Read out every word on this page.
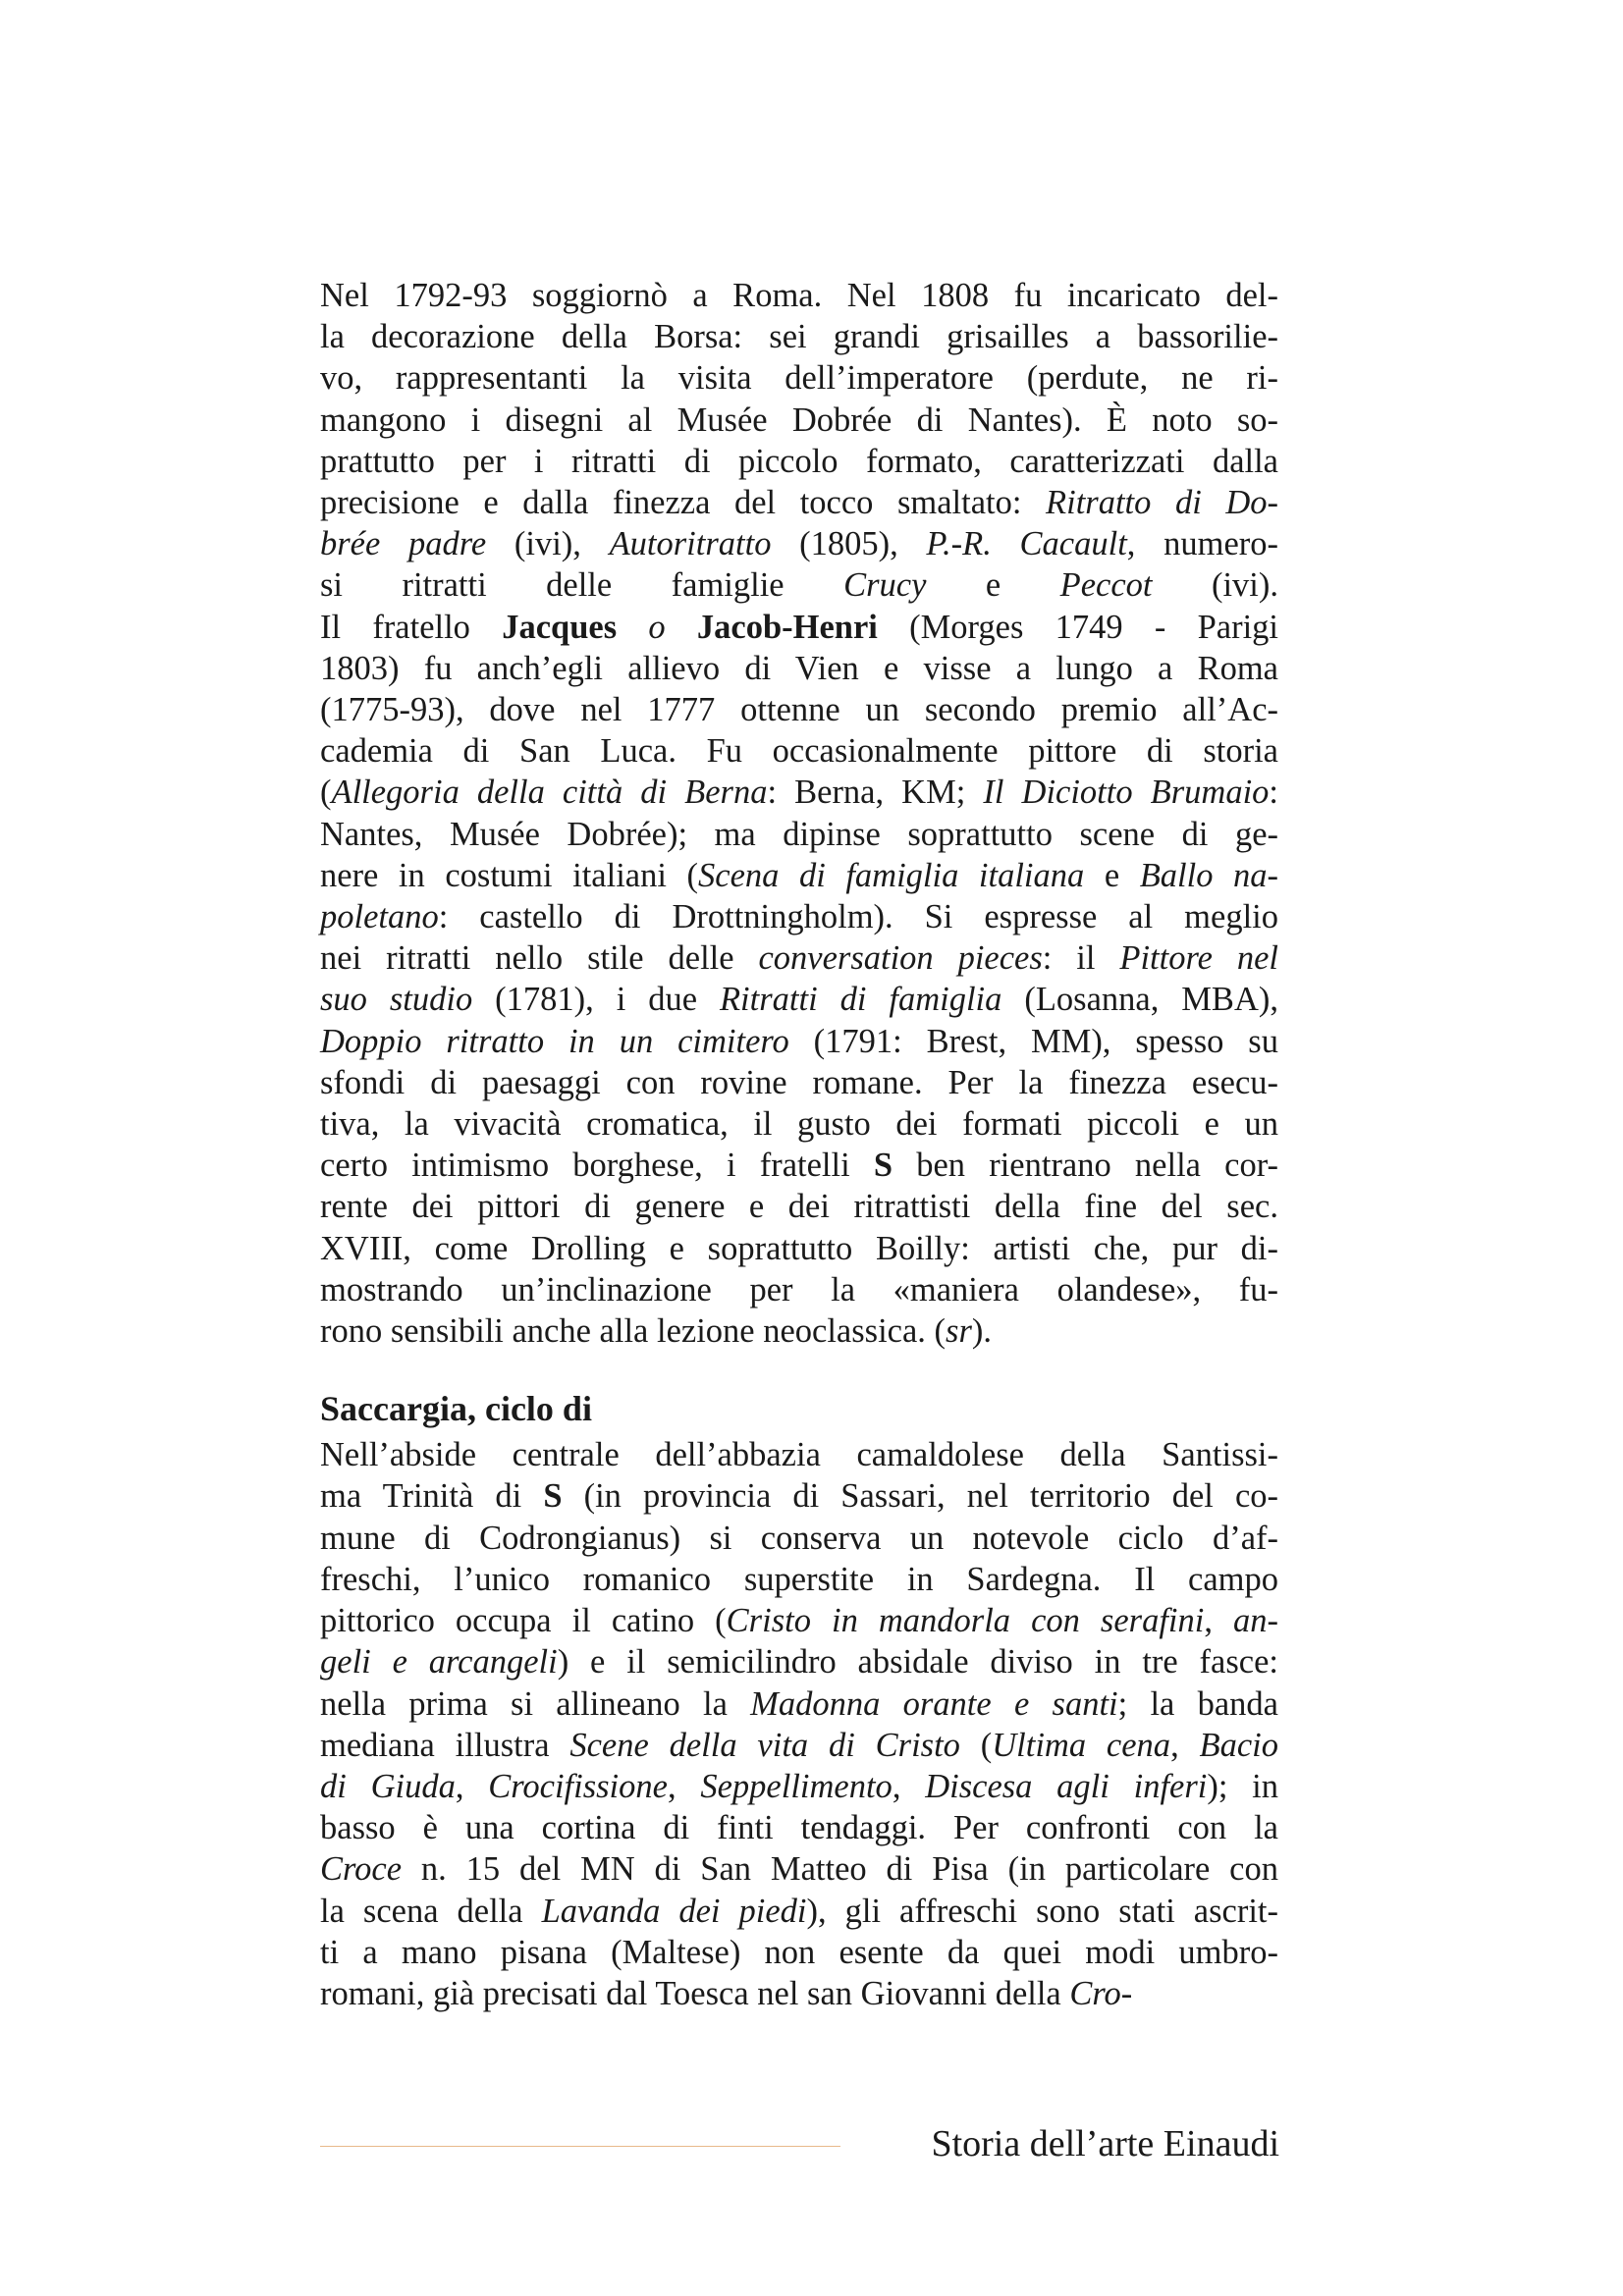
Nel 1792-93 soggiornò a Roma. Nel 1808 fu incaricato del-
la decorazione della Borsa: sei grandi grisailles a bassorilie-
vo, rappresentanti la visita dell’imperatore (perdute, ne ri-
mangono i disegni al Musée Dobrée di Nantes). È noto so-
prattutto per i ritratti di piccolo formato, caratterizzati dalla
precisione e dalla finezza del tocco smaltato: Ritratto di Do-
brée padre (ivi), Autoritratto (1805), P.-R. Cacault, numero-
si ritratti delle famiglie Crucy e Peccot (ivi).
Il fratello Jacques o Jacob-Henri (Morges 1749 - Parigi
1803) fu anch’egli allievo di Vien e visse a lungo a Roma
(1775-93), dove nel 1777 ottenne un secondo premio all’Ac-
cademia di San Luca. Fu occasionalmente pittore di storia
(Allegoria della città di Berna: Berna, KM; Il Diciotto Brumaio:
Nantes, Musée Dobrée); ma dipinse soprattutto scene di ge-
nere in costumi italiani (Scena di famiglia italiana e Ballo na-
poletano: castello di Drottningholm). Si espresse al meglio
nei ritratti nello stile delle conversation pieces: il Pittore nel
suo studio (1781), i due Ritratti di famiglia (Losanna, MBA),
Doppio ritratto in un cimitero (1791: Brest, MM), spesso su
sfondi di paesaggi con rovine romane. Per la finezza esecu-
tiva, la vivacità cromatica, il gusto dei formati piccoli e un
certo intimismo borghese, i fratelli S ben rientrano nella cor-
rente dei pittori di genere e dei ritrattisti della fine del sec.
XVIII, come Drolling e soprattutto Boilly: artisti che, pur di-
mostrando un’inclinazione per la «maniera olandese», fu-
rono sensibili anche alla lezione neoclassica. (sr).
Saccargia, ciclo di
Nell’abside centrale dell’abbazia camaldolese della Santissi-
ma Trinità di S (in provincia di Sassari, nel territorio del co-
mune di Codrongianus) si conserva un notevole ciclo d’af-
freschi, l’unico romanico superstite in Sardegna. Il campo
pittorico occupa il catino (Cristo in mandorla con serafini, an-
geli e arcangeli) e il semicilindro absidale diviso in tre fasce:
nella prima si allineano la Madonna orante e santi; la banda
mediana illustra Scene della vita di Cristo (Ultima cena, Bacio
di Giuda, Crocifissione, Seppellimento, Discesa agli inferi); in
basso è una cortina di finti tendaggi. Per confronti con la
Croce n. 15 del MN di San Matteo di Pisa (in particolare con
la scena della Lavanda dei piedi), gli affreschi sono stati ascrit-
ti a mano pisana (Maltese) non esente da quei modi umbro-
romani, già precisati dal Toesca nel san Giovanni della Cro-
Storia dell’arte Einaudi
